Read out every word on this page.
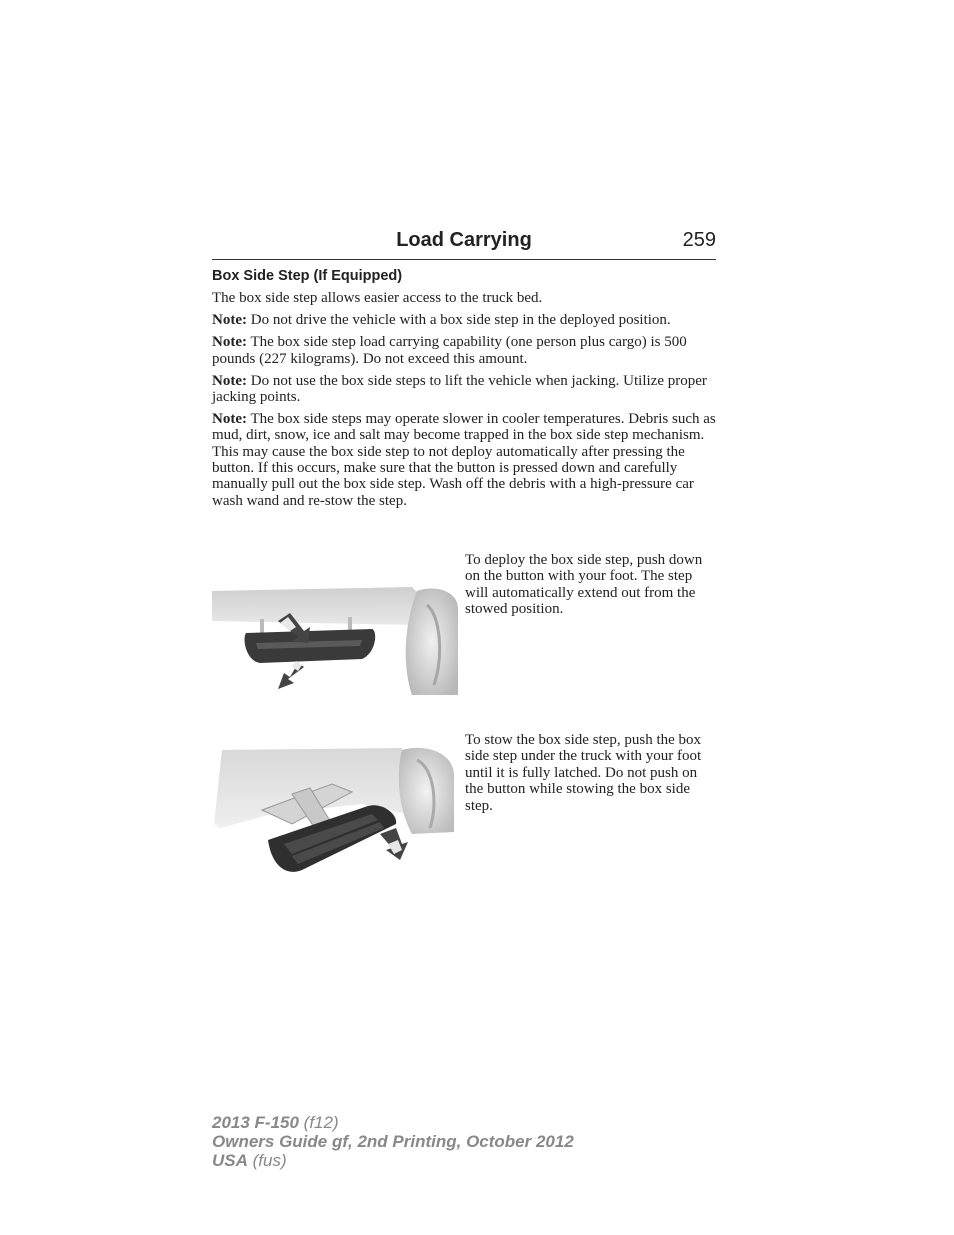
Load Carrying	259
Box Side Step (If Equipped)

The box side step allows easier access to the truck bed.

Note: Do not drive the vehicle with a box side step in the deployed position.

Note: The box side step load carrying capability (one person plus cargo) is 500 pounds (227 kilograms). Do not exceed this amount.

Note: Do not use the box side steps to lift the vehicle when jacking. Utilize proper jacking points.

Note: The box side steps may operate slower in cooler temperatures. Debris such as mud, dirt, snow, ice and salt may become trapped in the box side step mechanism. This may cause the box side step to not deploy automatically after pressing the button. If this occurs, make sure that the button is pressed down and carefully manually pull out the box side step. Wash off the debris with a high-pressure car wash wand and re-stow the step.

To deploy the box side step, push down on the button with your foot. The step will automatically extend out from the stowed position.
To stow the box side step, push the box side step under the truck with your foot until it is fully latched. Do not push on the button while stowing the box side step.
2013 F-150 (f12)
Owners Guide gf, 2nd Printing, October 2012
USA (fus)
